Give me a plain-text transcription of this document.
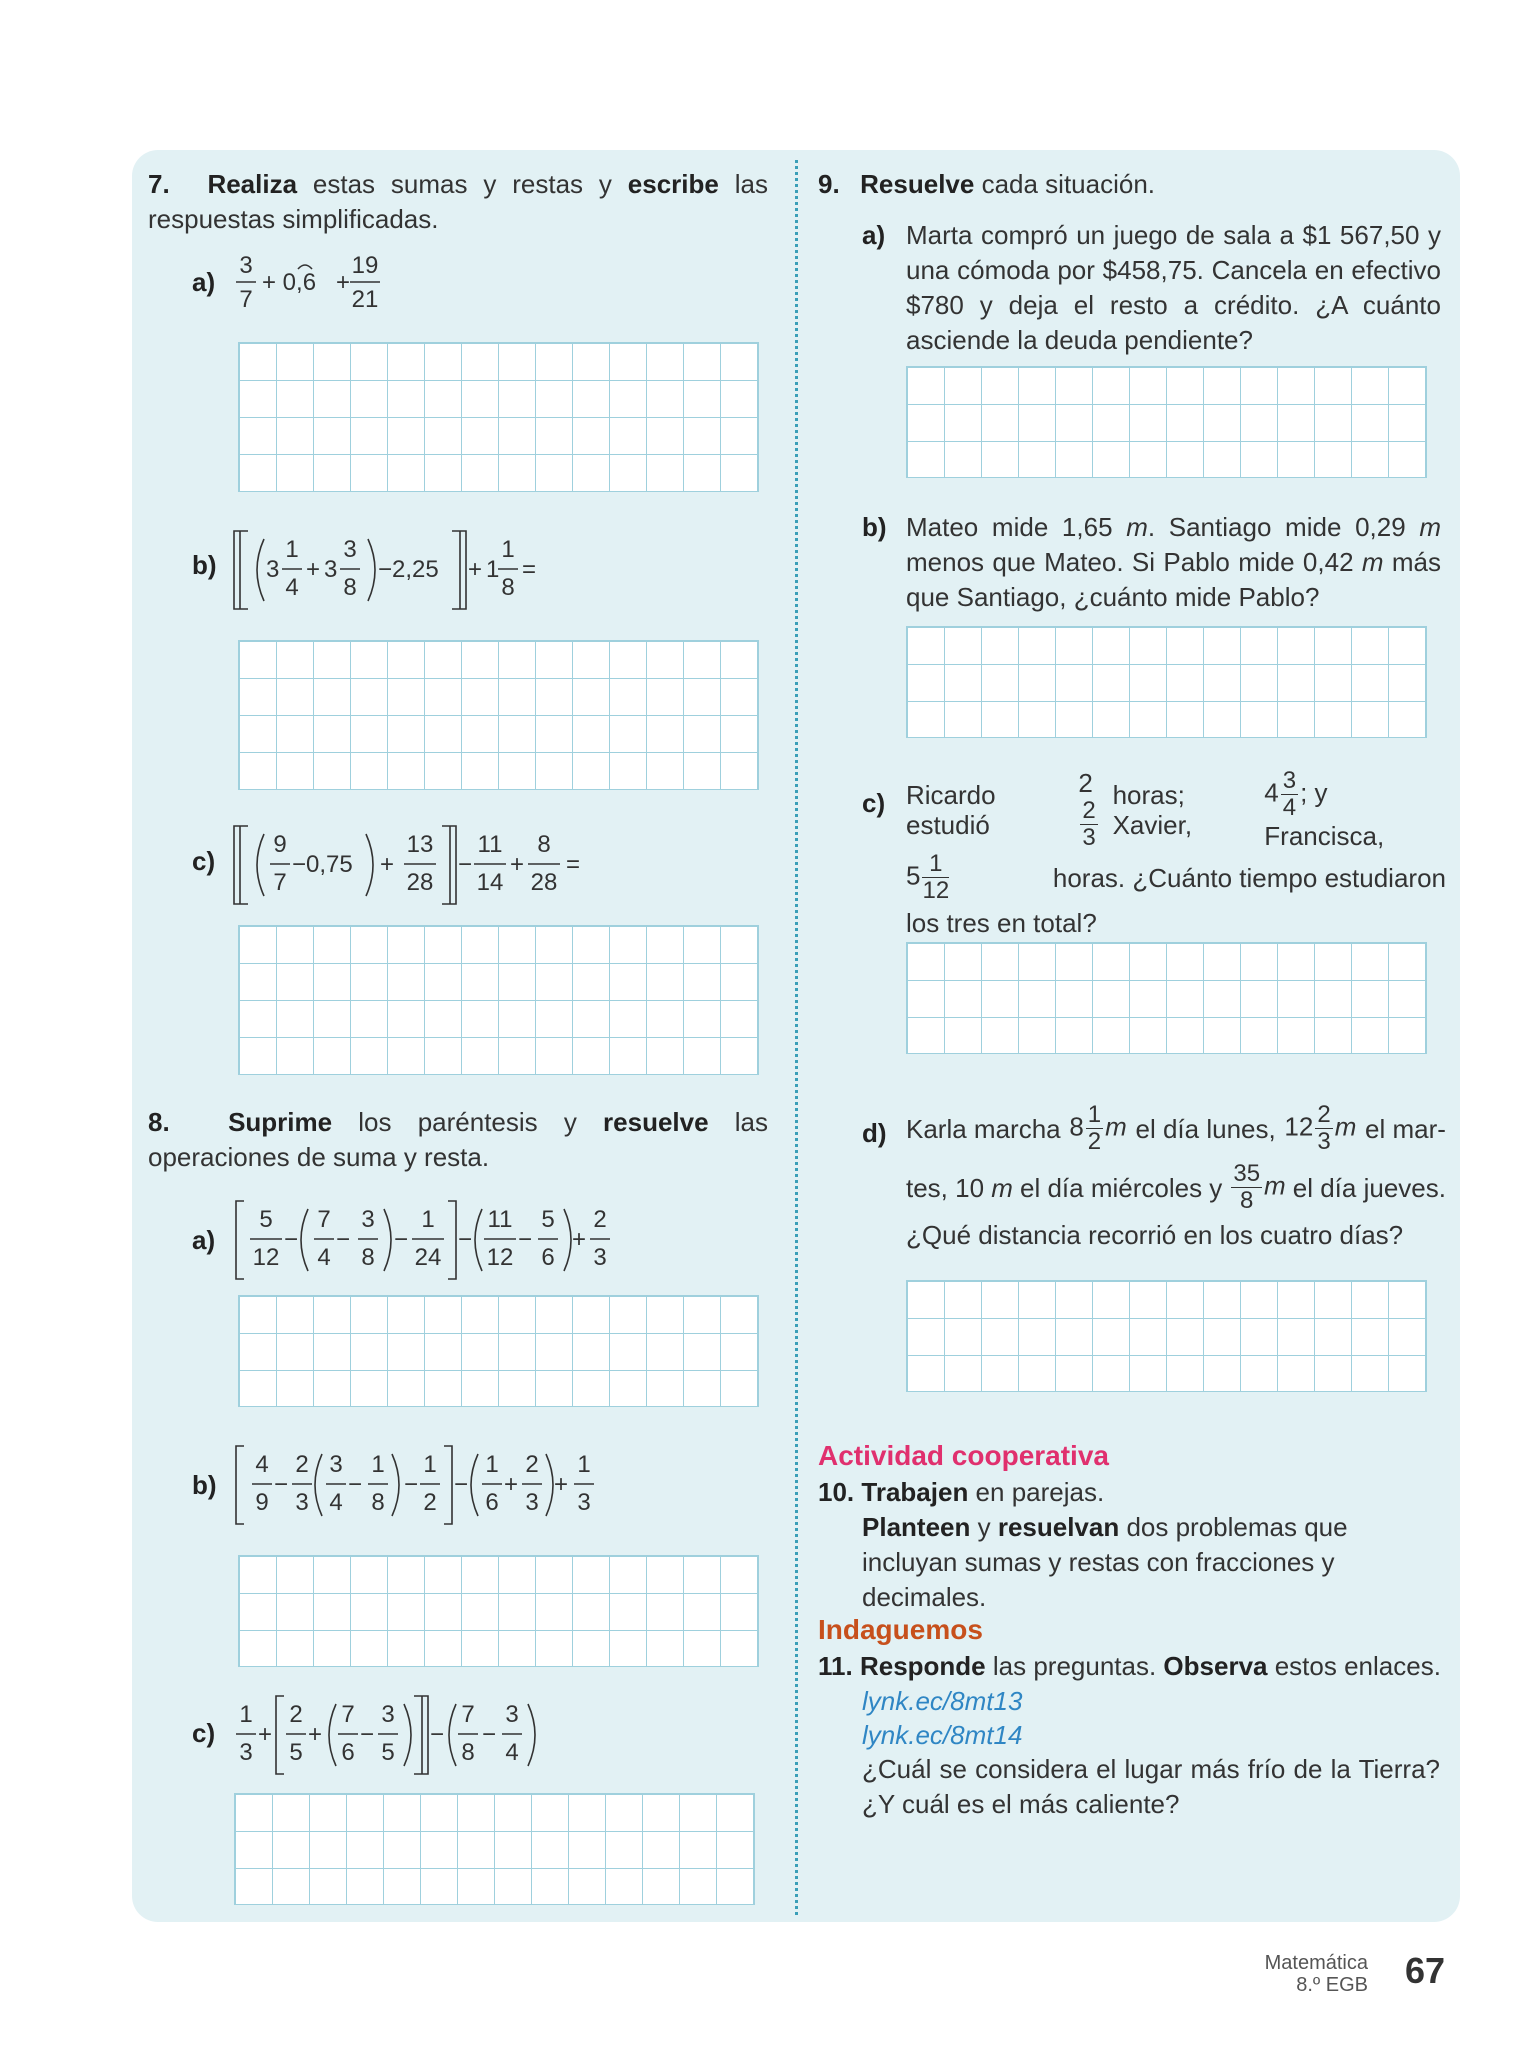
7. Realiza estas sumas y restas y escribe las respuestas simplificadas.
a)
3
7
+ 0,6 +
19
21
b) 3
1
4
+ 3
3
8
−2,25 + 1
1
8
=
c)
9
7
−0,75 +
13
28
−
11
14
+
8
28
=
8. Suprime los paréntesis y resuelve las operaciones de suma y resta.
a)
5
12
−
7
4
−
3
8
−
1
24
−
11
12
−
5
6
+
2
3
b)
4
9
−
2
3
3
4
−
1
8
−
1
2
−
1
6
+
2
3
+
1
3
c)
1
3
+
2
5
+
7
6
−
3
5
−
7
8
−
3
4
9. Resuelve cada situación.
a) Marta compró un juego de sala a $1 567,50 y una cómoda por $458,75. Cancela en efectivo $780 y deja el resto a crédito. ¿A cuánto asciende la deuda pendiente?
b) Mateo mide 1,65 m. Santiago mide 0,29 m menos que Mateo. Si Pablo mide 0,42 m más que Santiago, ¿cuánto mide Pablo?
c) Ricardo estudió
2
$\frac{2}{3}$
horas; Xavier,
$4 \frac{3}{4}$ ; y Francisca,
$5 \frac{1}{12}$	horas. ¿Cuánto tiempo estudiaron
los tres en total?
d) Karla marcha $8 \frac{1}{2}$ m el día lunes, $12 \frac{2}{3}$ m el mar-
tes, 10 m el día miércoles y $\frac{35}{8}$ m el día jueves.
¿Qué distancia recorrió en los cuatro días?
Actividad cooperativa
10. Trabajen en parejas.
Planteen y resuelvan dos problemas que incluyan sumas y restas con fracciones y decimales.
Indaguemos
11. Responde las preguntas. Observa estos enlaces.
lynk.ec/8mt13
lynk.ec/8mt14
¿Cuál se considera el lugar más frío de la Tierra? ¿Y cuál es el más caliente?
Matemática
8.º EGB 67
